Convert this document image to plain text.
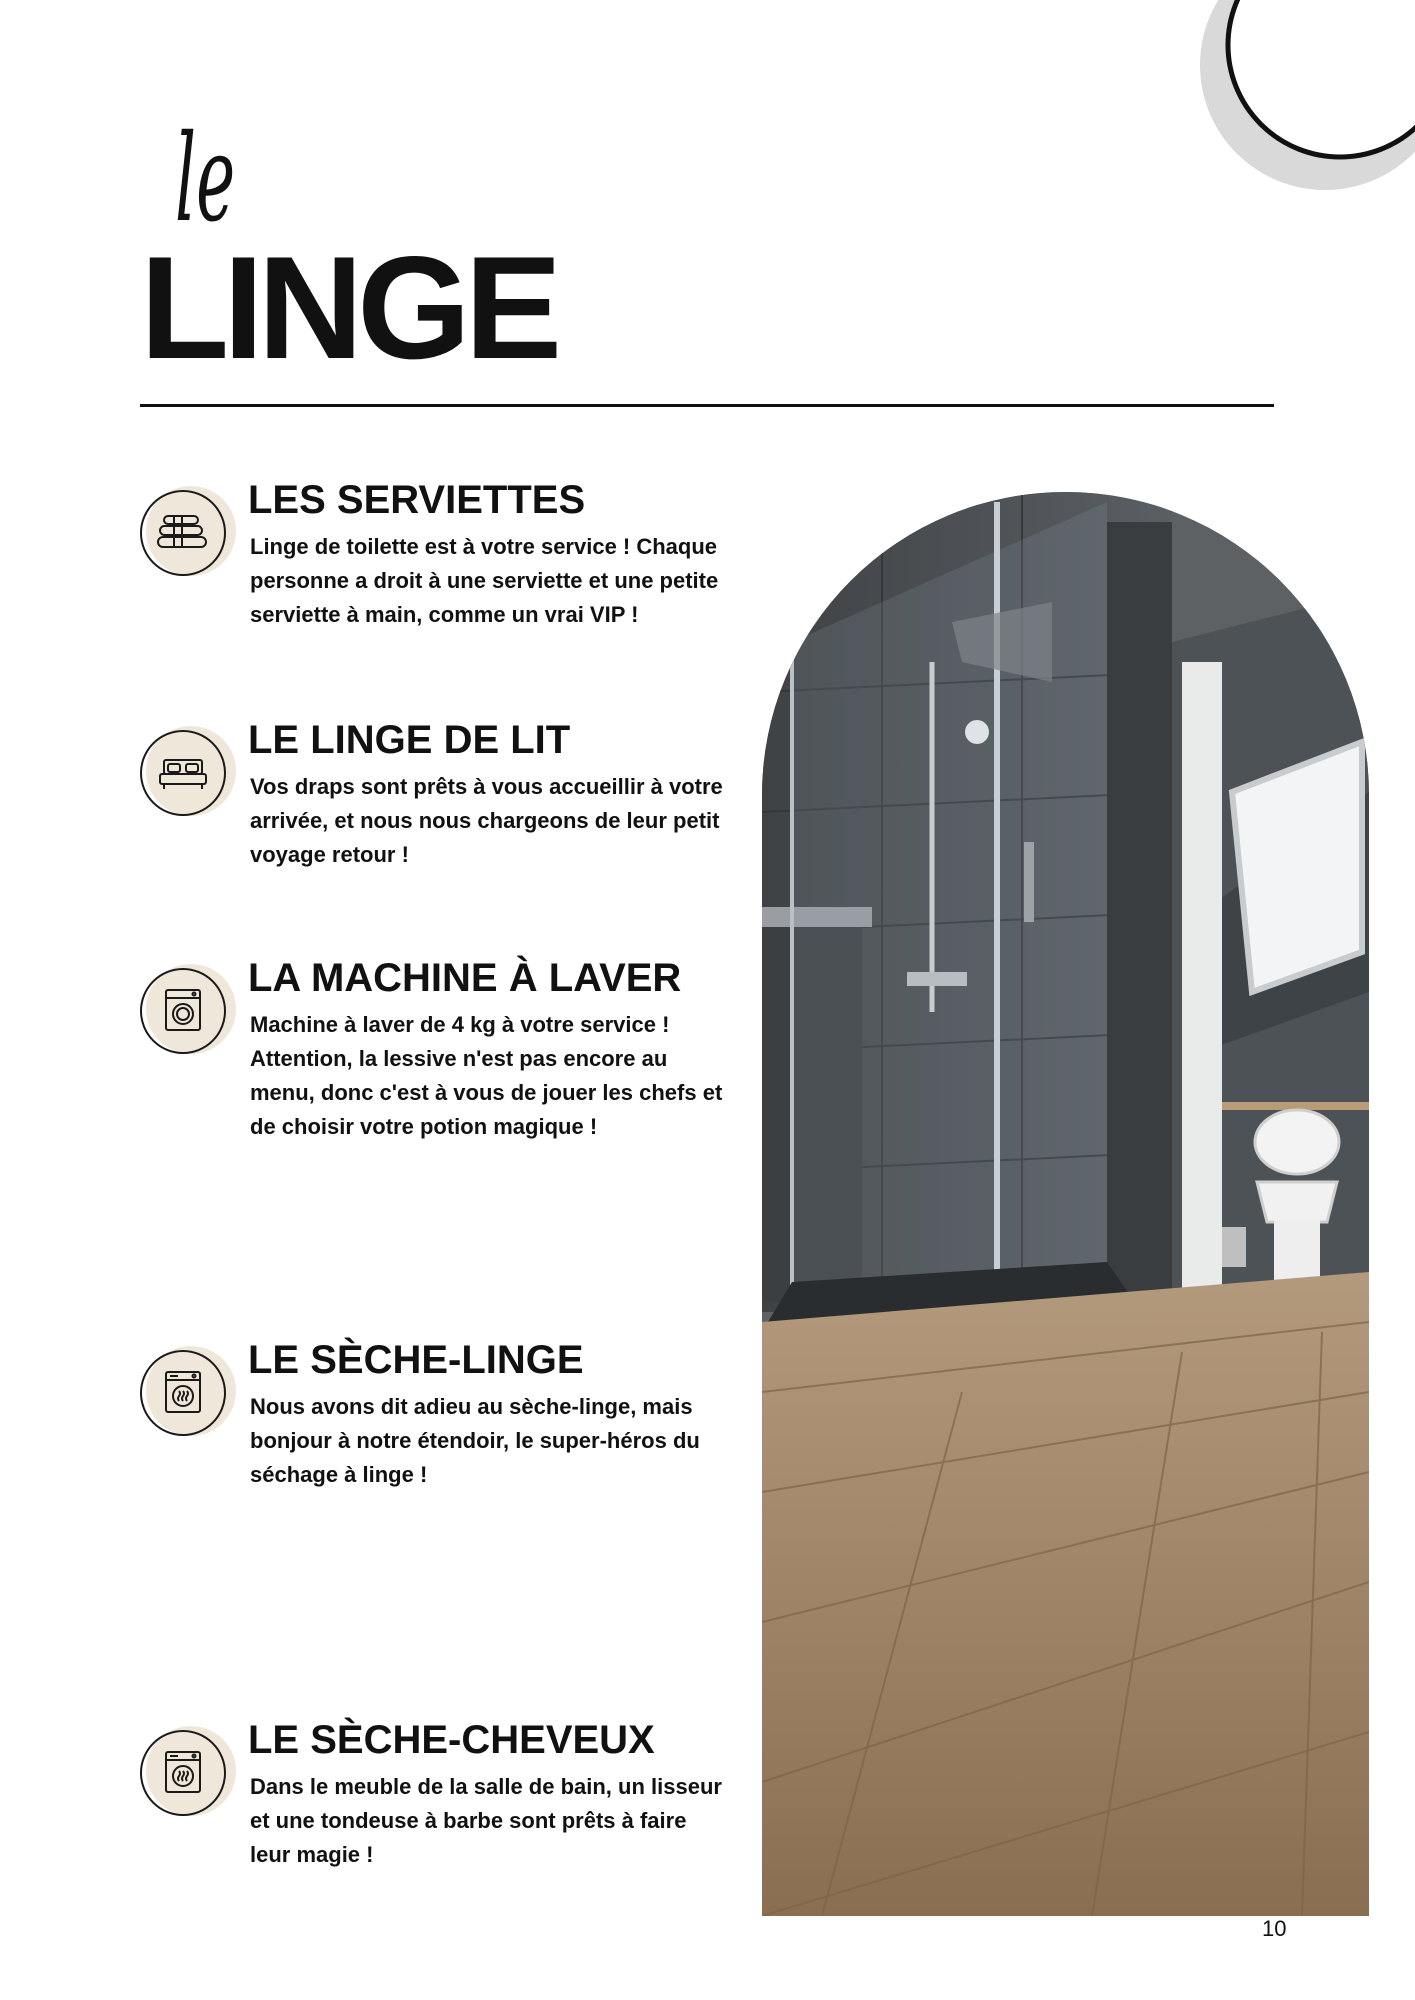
le
LINGE
LES SERVIETTES

Linge de toilette est à votre service ! Chaque personne a droit à une serviette et une petite serviette à main, comme un vrai VIP !

LE LINGE DE LIT

Vos draps sont prêts à vous accueillir à votre arrivée, et nous nous chargeons de leur petit voyage retour !

LA MACHINE À LAVER

Machine à laver de 4 kg à votre service ! Attention, la lessive n'est pas encore au menu, donc c'est à vous de jouer les chefs et de choisir votre potion magique !

LE SÈCHE-LINGE

Nous avons dit adieu au sèche-linge, mais bonjour à notre étendoir, le super-héros du séchage à linge !

LE SÈCHE-CHEVEUX

Dans le meuble de la salle de bain, un lisseur et une tondeuse à barbe sont prêts à faire leur magie !

10
